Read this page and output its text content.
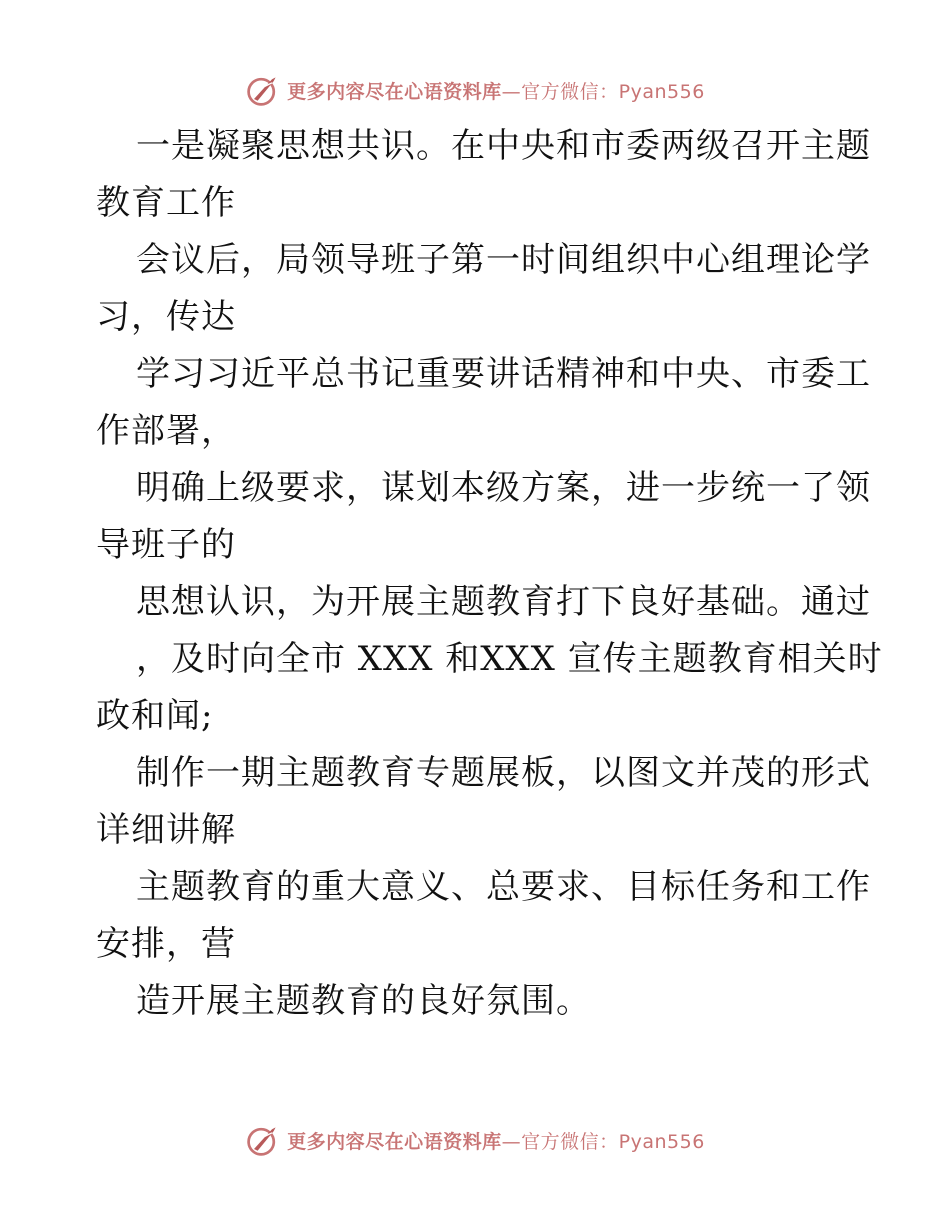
更多内容尽在心语资料库—官方微信：Pyan556
一是凝聚思想共识。在中央和市委两级召开主题
教育工作
会议后，局领导班子第一时间组织中心组理论学
习，传达
学习习近平总书记重要讲话精神和中央、市委工
作部署，
明确上级要求，谋划本级方案，进一步统一了领
导班子的
思想认识，为开展主题教育打下良好基础。通过
，及时向全市 XXX 和XXX 宣传主题教育相关时
政和闻;
制作一期主题教育专题展板，以图文并茂的形式
详细讲解
主题教育的重大意义、总要求、目标任务和工作
安排，营
造开展主题教育的良好氛围。
更多内容尽在心语资料库—官方微信：Pyan556
